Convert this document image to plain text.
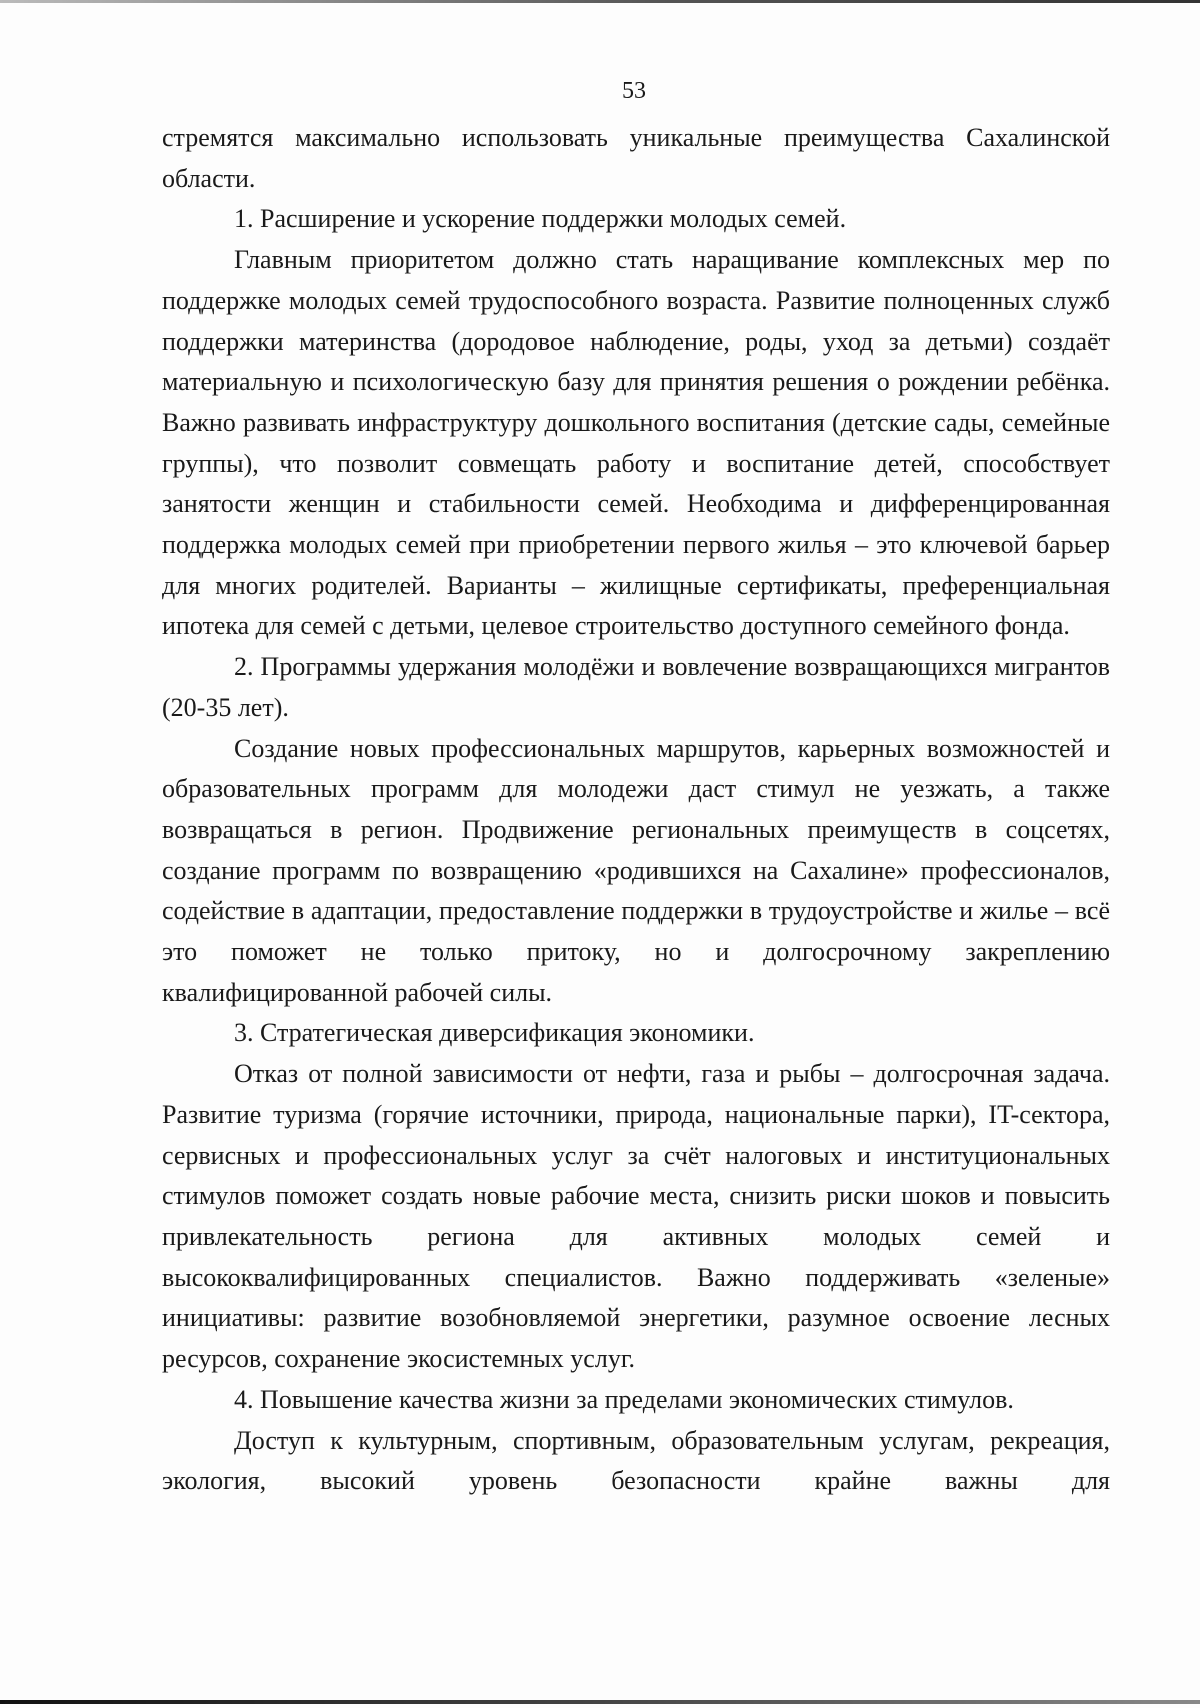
53

стремятся максимально использовать уникальные преимущества Сахалинской области.

1. Расширение и ускорение поддержки молодых семей.

Главным приоритетом должно стать наращивание комплексных мер по поддержке молодых семей трудоспособного возраста. Развитие полноценных служб поддержки материнства (дородовое наблюдение, роды, уход за детьми) создаёт материальную и психологическую базу для принятия решения о рождении ребёнка. Важно развивать инфраструктуру дошкольного воспитания (детские сады, семейные группы), что позволит совмещать работу и воспитание детей, способствует занятости женщин и стабильности семей. Необходима и дифференцированная поддержка молодых семей при приобретении первого жилья – это ключевой барьер для многих родителей. Варианты – жилищные сертификаты, преференциальная ипотека для семей с детьми, целевое строительство доступного семейного фонда.

2. Программы удержания молодёжи и вовлечение возвращающихся мигрантов (20-35 лет).

Создание новых профессиональных маршрутов, карьерных возможностей и образовательных программ для молодежи даст стимул не уезжать, а также возвращаться в регион. Продвижение региональных преимуществ в соцсетях, создание программ по возвращению «родившихся на Сахалине» профессионалов, содействие в адаптации, предоставление поддержки в трудоустройстве и жилье – всё это поможет не только притоку, но и долгосрочному закреплению квалифицированной рабочей силы.

3. Стратегическая диверсификация экономики.

Отказ от полной зависимости от нефти, газа и рыбы – долгосрочная задача. Развитие туризма (горячие источники, природа, национальные парки), IT-сектора, сервисных и профессиональных услуг за счёт налоговых и институциональных стимулов поможет создать новые рабочие места, снизить риски шоков и повысить привлекательность региона для активных молодых семей и высококвалифицированных специалистов. Важно поддерживать «зеленые» инициативы: развитие возобновляемой энергетики, разумное освоение лесных ресурсов, сохранение экосистемных услуг.

4. Повышение качества жизни за пределами экономических стимулов.

Доступ к культурным, спортивным, образовательным услугам, рекреация, экология, высокий уровень безопасности крайне важны для
